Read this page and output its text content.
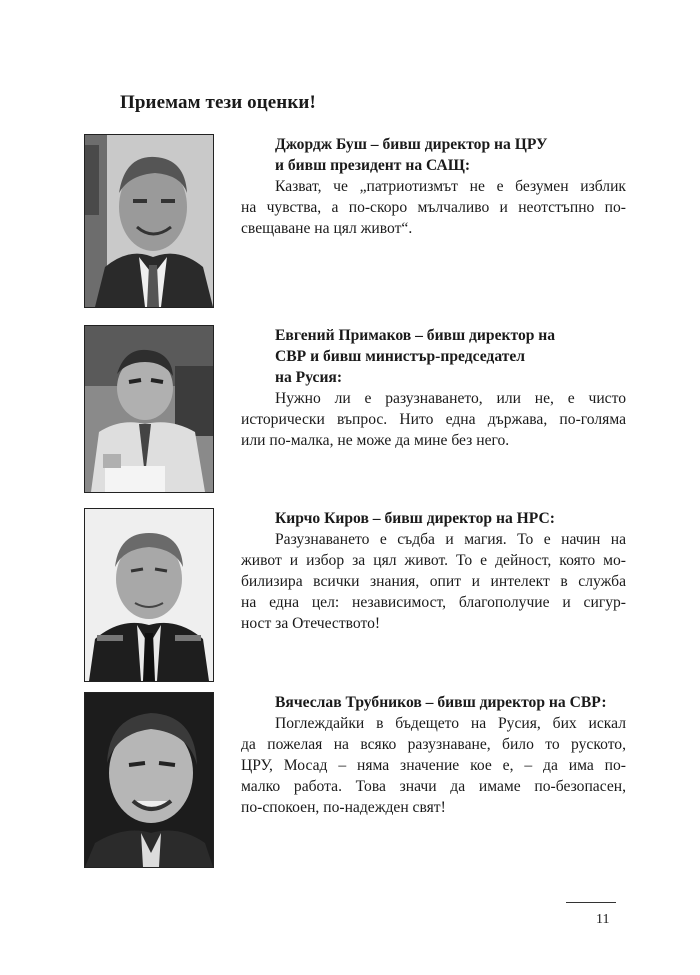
Приемам тези оценки!
Джордж Буш – бивш директор на ЦРУ
и бивш президент на САЩ:
Казват, че „патриотизмът не е безумен изблик
на чувства, а по-скоро мълчаливо и неотстъпно по-
свещаване на цял живот“.
Евгений Примаков – бивш директор на
СВР и бивш министър-председател
на Русия:
Нужно ли е разузнаването, или не, е чисто
исторически въпрос. Нито една държава, по-голяма
или по-малка, не може да мине без него.
Кирчо Киров – бивш директор на НРС:
Разузнаването е съдба и магия. То е начин на
живот и избор за цял живот. То е дейност, която мо-
билизира всички знания, опит и интелект в служба
на една цел: независимост, благополучие и сигур-
ност за Отечеството!
Вячеслав Трубников – бивш директор на СВР:
Поглеждайки в бъдещето на Русия, бих искал
да пожелая на всяко разузнаване, било то руското,
ЦРУ, Мосад – няма значение кое е, – да има по-
малко работа. Това значи да имаме по-безопасен,
по-спокоен, по-надежден свят!
11
